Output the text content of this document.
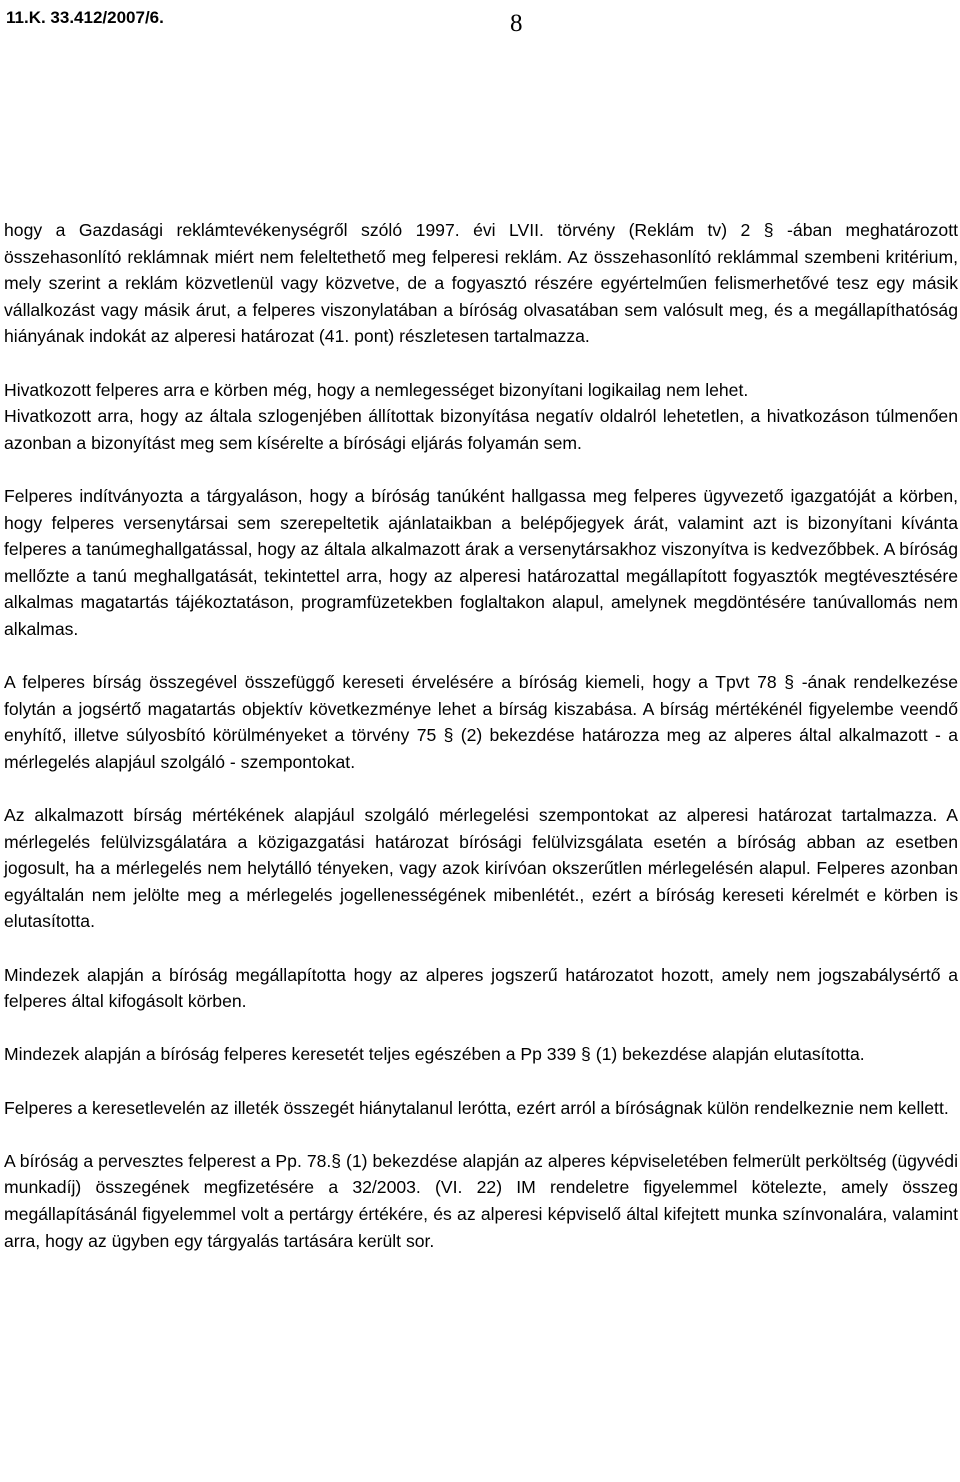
11.K. 33.412/2007/6.	8

hogy a Gazdasági reklámtevékenységről szóló 1997. évi LVII. törvény (Reklám tv) 2 § -ában meghatározott összehasonlító reklámnak miért nem feleltethető meg felperesi reklám. Az összehasonlító reklámmal szembeni kritérium, mely szerint a reklám közvetlenül vagy közvetve, de a fogyasztó részére egyértelműen felismerhetővé tesz egy másik vállalkozást vagy másik árut, a felperes viszonylatában a bíróság olvasatában sem valósult meg, és a megállapíthatóság hiányának indokát az alperesi határozat (41. pont) részletesen tartalmazza.

Hivatkozott felperes arra e körben még, hogy a nemlegességet bizonyítani logikailag nem lehet.

Hivatkozott arra, hogy az általa szlogenjében állítottak bizonyítása negatív oldalról lehetetlen, a hivatkozáson túlmenően azonban a bizonyítást meg sem kísérelte a bírósági eljárás folyamán sem.

Felperes indítványozta a tárgyaláson, hogy a bíróság tanúként hallgassa meg felperes ügyvezető igazgatóját a körben, hogy felperes versenytársai sem szerepeltetik ajánlataikban a belépőjegyek árát, valamint azt is bizonyítani kívánta felperes a tanúmeghallgatással, hogy az általa alkalmazott árak a versenytársakhoz viszonyítva is kedvezőbbek. A bíróság mellőzte a tanú meghallgatását, tekintettel arra, hogy az alperesi határozattal megállapított fogyasztók megtévesztésére alkalmas magatartás tájékoztatáson, programfüzetekben foglaltakon alapul, amelynek megdöntésére tanúvallomás nem alkalmas.

A felperes bírság összegével összefüggő kereseti érvelésére a bíróság kiemeli, hogy a Tpvt 78 § -ának rendelkezése folytán a jogsértő magatartás objektív következménye lehet a bírság kiszabása. A bírság mértékénél figyelembe veendő enyhítő, illetve súlyosbító körülményeket a törvény 75 § (2) bekezdése határozza meg az alperes által alkalmazott - a mérlegelés alapjául szolgáló - szempontokat.

Az alkalmazott bírság mértékének alapjául szolgáló mérlegelési szempontokat az alperesi határozat tartalmazza. A mérlegelés felülvizsgálatára a közigazgatási határozat bírósági felülvizsgálata esetén a bíróság abban az esetben jogosult, ha a mérlegelés nem helytálló tényeken, vagy azok kirívóan okszerűtlen mérlegelésén alapul. Felperes azonban egyáltalán nem jelölte meg a mérlegelés jogellenességének mibenlétét., ezért a bíróság kereseti kérelmét e körben is elutasította.

Mindezek alapján a bíróság megállapította hogy az alperes jogszerű határozatot hozott, amely nem jogszabálysértő a felperes által kifogásolt körben.

Mindezek alapján a bíróság felperes keresetét teljes egészében a Pp 339 § (1) bekezdése alapján elutasította.

Felperes a keresetlevelén az illeték összegét hiánytalanul lerótta, ezért arról a bíróságnak külön rendelkeznie nem kellett.

A bíróság a pervesztes felperest a Pp. 78.§ (1) bekezdése alapján az alperes képviseletében felmerült perköltség (ügyvédi munkadíj) összegének megfizetésére a 32/2003. (VI. 22) IM rendeletre figyelemmel kötelezte, amely összeg megállapításánál figyelemmel volt a pertárgy értékére, és az alperesi képviselő által kifejtett munka színvonalára, valamint arra, hogy az ügyben egy tárgyalás tartására került sor.
